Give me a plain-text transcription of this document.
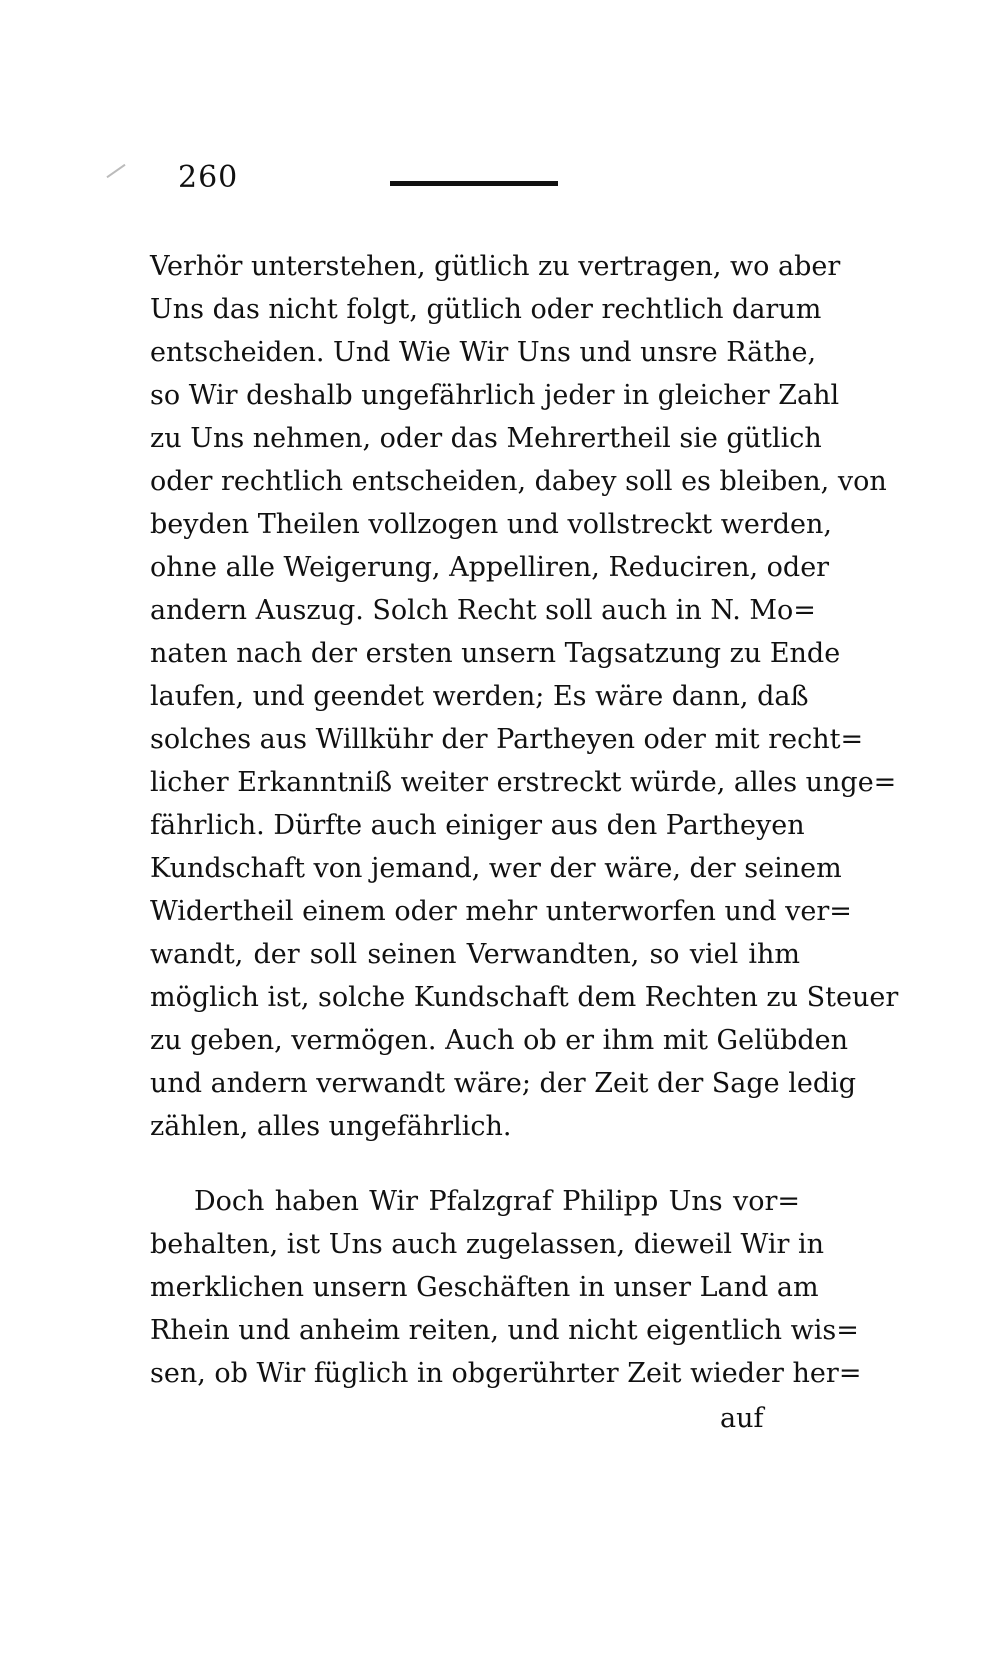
260
Verhör unterstehen, gütlich zu vertragen, wo aber
Uns das nicht folgt, gütlich oder rechtlich darum
entscheiden. Und Wie Wir Uns und unsre Räthe,
so Wir deshalb ungefährlich jeder in gleicher Zahl
zu Uns nehmen, oder das Mehrertheil sie gütlich
oder rechtlich entscheiden, dabey soll es bleiben, von
beyden Theilen vollzogen und vollstreckt werden,
ohne alle Weigerung, Appelliren, Reduciren, oder
andern Auszug. Solch Recht soll auch in N. Mo=
naten nach der ersten unsern Tagsatzung zu Ende
laufen, und geendet werden; Es wäre dann, daß
solches aus Willkühr der Partheyen oder mit recht=
licher Erkanntniß weiter erstreckt würde, alles unge=
fährlich. Dürfte auch einiger aus den Partheyen
Kundschaft von jemand, wer der wäre, der seinem
Widertheil einem oder mehr unterworfen und ver=
wandt, der soll seinen Verwandten, so viel ihm
möglich ist, solche Kundschaft dem Rechten zu Steuer
zu geben, vermögen. Auch ob er ihm mit Gelübden
und andern verwandt wäre; der Zeit der Sage ledig
zählen, alles ungefährlich.
Doch haben Wir Pfalzgraf Philipp Uns vor=
behalten, ist Uns auch zugelassen, dieweil Wir in
merklichen unsern Geschäften in unser Land am
Rhein und anheim reiten, und nicht eigentlich wis=
sen, ob Wir füglich in obgerührter Zeit wieder her=
auf
